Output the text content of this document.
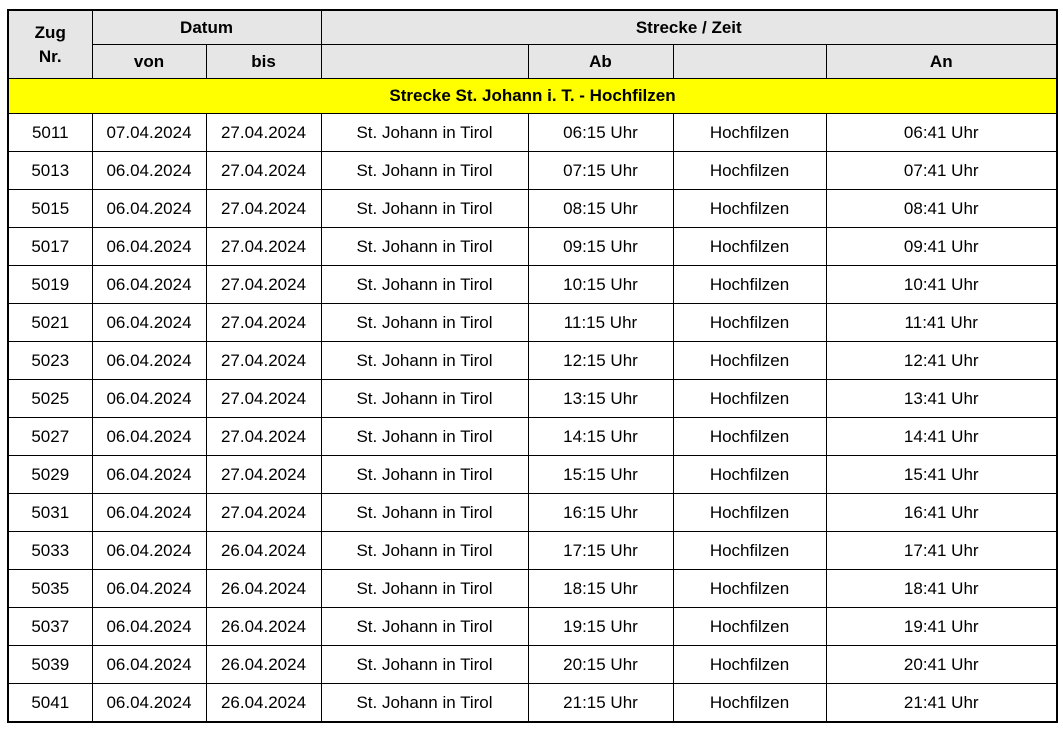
Zug
Nr.	Datum		Strecke / Zeit			
	von	bis		Ab		An
Strecke St. Johann i. T. - Hochfilzen						
5011	07.04.2024	27.04.2024	St. Johann in Tirol	06:15 Uhr	Hochfilzen	06:41 Uhr
5013	06.04.2024	27.04.2024	St. Johann in Tirol	07:15 Uhr	Hochfilzen	07:41 Uhr
5015	06.04.2024	27.04.2024	St. Johann in Tirol	08:15 Uhr	Hochfilzen	08:41 Uhr
5017	06.04.2024	27.04.2024	St. Johann in Tirol	09:15 Uhr	Hochfilzen	09:41 Uhr
5019	06.04.2024	27.04.2024	St. Johann in Tirol	10:15 Uhr	Hochfilzen	10:41 Uhr
5021	06.04.2024	27.04.2024	St. Johann in Tirol	11:15 Uhr	Hochfilzen	11:41 Uhr
5023	06.04.2024	27.04.2024	St. Johann in Tirol	12:15 Uhr	Hochfilzen	12:41 Uhr
5025	06.04.2024	27.04.2024	St. Johann in Tirol	13:15 Uhr	Hochfilzen	13:41 Uhr
5027	06.04.2024	27.04.2024	St. Johann in Tirol	14:15 Uhr	Hochfilzen	14:41 Uhr
5029	06.04.2024	27.04.2024	St. Johann in Tirol	15:15 Uhr	Hochfilzen	15:41 Uhr
5031	06.04.2024	27.04.2024	St. Johann in Tirol	16:15 Uhr	Hochfilzen	16:41 Uhr
5033	06.04.2024	26.04.2024	St. Johann in Tirol	17:15 Uhr	Hochfilzen	17:41 Uhr
5035	06.04.2024	26.04.2024	St. Johann in Tirol	18:15 Uhr	Hochfilzen	18:41 Uhr
5037	06.04.2024	26.04.2024	St. Johann in Tirol	19:15 Uhr	Hochfilzen	19:41 Uhr
5039	06.04.2024	26.04.2024	St. Johann in Tirol	20:15 Uhr	Hochfilzen	20:41 Uhr
5041	06.04.2024	26.04.2024	St. Johann in Tirol	21:15 Uhr	Hochfilzen	21:41 Uhr
